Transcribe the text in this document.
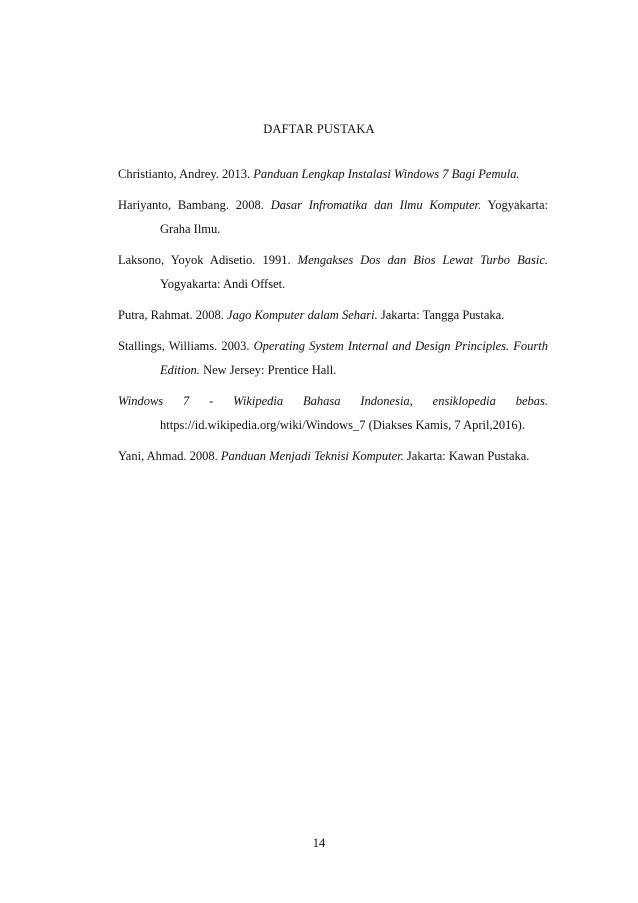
DAFTAR PUSTAKA

Christianto, Andrey. 2013. Panduan Lengkap Instalasi Windows 7 Bagi Pemula.

Hariyanto, Bambang. 2008. Dasar Infromatika dan Ilmu Komputer. Yogyakarta: Graha Ilmu.

Laksono, Yoyok Adisetio. 1991. Mengakses Dos dan Bios Lewat Turbo Basic. Yogyakarta: Andi Offset.

Putra, Rahmat. 2008. Jago Komputer dalam Sehari. Jakarta: Tangga Pustaka.

Stallings, Williams. 2003. Operating System Internal and Design Principles. Fourth Edition. New Jersey: Prentice Hall.

Windows 7 - Wikipedia Bahasa Indonesia, ensiklopedia bebas. https://id.wikipedia.org/wiki/Windows_7 (Diakses Kamis, 7 April,2016).

Yani, Ahmad. 2008. Panduan Menjadi Teknisi Komputer. Jakarta: Kawan Pustaka.

14
